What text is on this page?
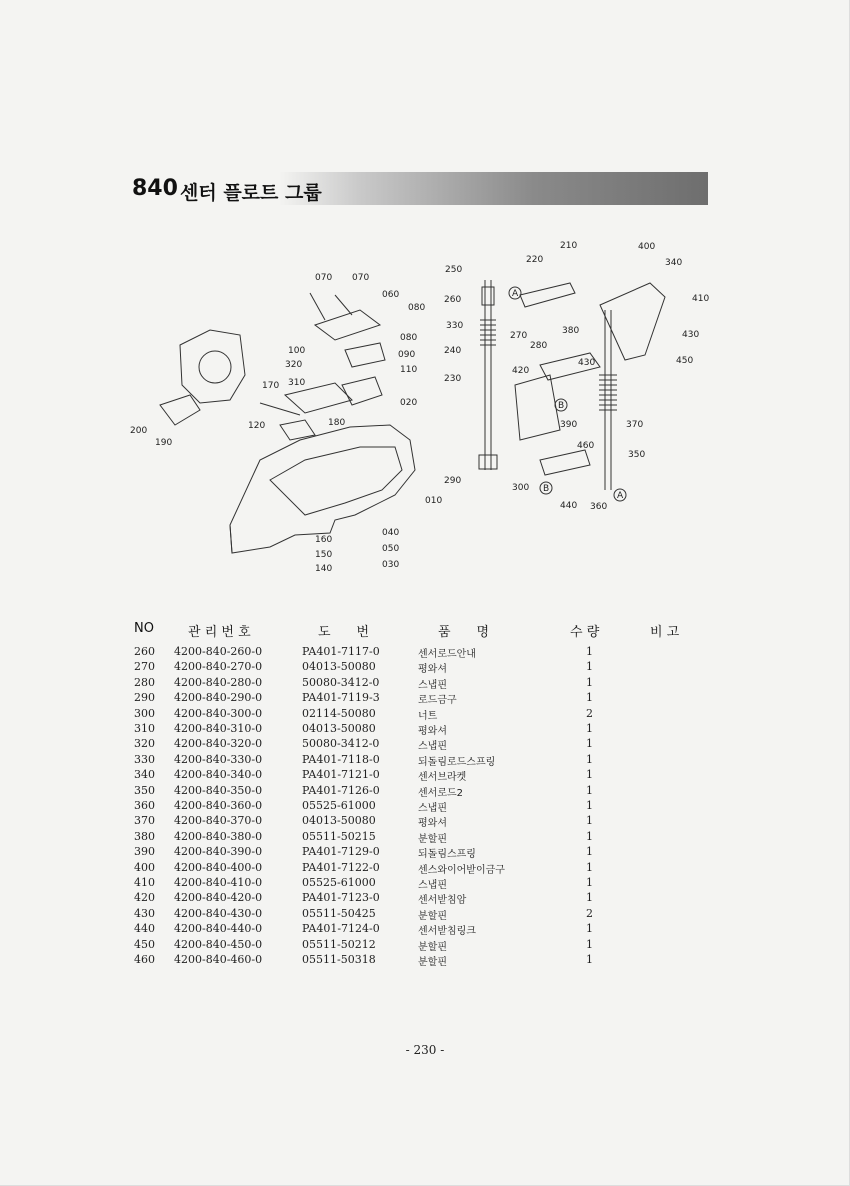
840 센터 플로트 그룹
070 070
060
080
080
100	090
320	110
310
170
020
120	180
200
190
010
040
160
050
150
030
140
250
220
210	400
340
260	410
330
270
280
380	430
240
420
430	450
230
390	370
460
350
290
300
440 360
A
B
B
A
NO	관 리 번 호	도　　번	품　　명	수 량	비 고
260 4200-840-260-0	PA401-7117-0	센서로드안내	1
270 4200-840-270-0	04013-50080	평와셔	1
280 4200-840-280-0	50080-3412-0	스냅핀	1
290 4200-840-290-0	PA401-7119-3	로드금구	1
300 4200-840-300-0	02114-50080	너트	2
310 4200-840-310-0	04013-50080	평와셔	1
320 4200-840-320-0	50080-3412-0	스냅핀	1
330 4200-840-330-0	PA401-7118-0	되돌림로드스프링	1
340 4200-840-340-0	PA401-7121-0	센서브라켓	1
350 4200-840-350-0	PA401-7126-0	센서로드2	1
360 4200-840-360-0	05525-61000	스냅핀	1
370 4200-840-370-0	04013-50080	평와셔	1
380 4200-840-380-0	05511-50215	분할핀	1
390 4200-840-390-0	PA401-7129-0	되돌림스프링	1
400 4200-840-400-0	PA401-7122-0	센스와이어받이금구	1
410 4200-840-410-0	05525-61000	스냅핀	1
420 4200-840-420-0	PA401-7123-0	센서받침암	1
430 4200-840-430-0	05511-50425	분할핀	2
440 4200-840-440-0	PA401-7124-0	센서받침링크	1
450 4200-840-450-0	05511-50212	분할핀	1
460 4200-840-460-0	05511-50318	분할핀	1
- 230 -
